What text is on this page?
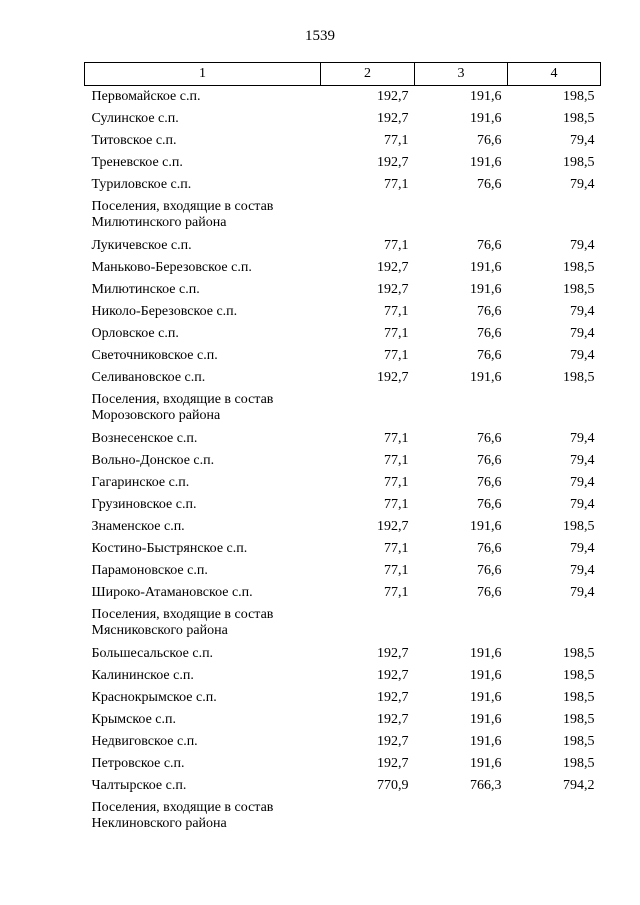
1539
1	2	3	4
Первомайское с.п.	192,7	191,6	198,5
Сулинское с.п.	192,7	191,6	198,5
Титовское с.п.	77,1	76,6	79,4
Треневское с.п.	192,7	191,6	198,5
Туриловское с.п.	77,1	76,6	79,4

Поселения, входящие в состав
Милютинского района			

Лукичевское с.п.	77,1	76,6	79,4
Маньково-Березовское с.п.	192,7	191,6	198,5
Милютинское с.п.	192,7	191,6	198,5
Николо-Березовское с.п.	77,1	76,6	79,4
Орловское с.п.	77,1	76,6	79,4
Светочниковское с.п.	77,1	76,6	79,4
Селивановское с.п.	192,7	191,6	198,5

Поселения, входящие в состав
Морозовского района			

Вознесенское с.п.	77,1	76,6	79,4
Вольно-Донское с.п.	77,1	76,6	79,4
Гагаринское с.п.	77,1	76,6	79,4
Грузиновское с.п.	77,1	76,6	79,4
Знаменское с.п.	192,7	191,6	198,5
Костино-Быстрянское с.п.	77,1	76,6	79,4
Парамоновское с.п.	77,1	76,6	79,4
Широко-Атамановское с.п.	77,1	76,6	79,4

Поселения, входящие в состав
Мясниковского района			

Большесальское с.п.	192,7	191,6	198,5
Калининское с.п.	192,7	191,6	198,5
Краснокрымское с.п.	192,7	191,6	198,5
Крымское с.п.	192,7	191,6	198,5
Недвиговское с.п.	192,7	191,6	198,5
Петровское с.п.	192,7	191,6	198,5
Чалтырское с.п.	770,9	766,3	794,2

Поселения, входящие в состав
Неклиновского района			
